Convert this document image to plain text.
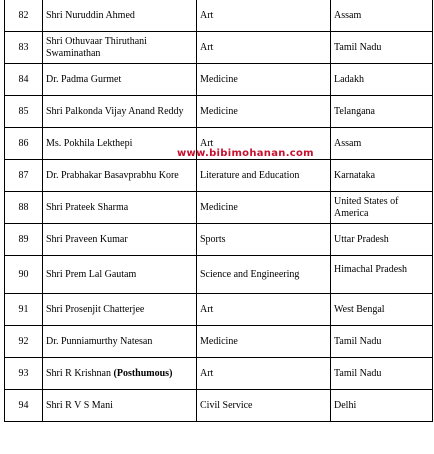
82	Shri Nuruddin Ahmed	Art	Assam
83	Shri Othuvaar Thiruthani Swaminathan	Art	Tamil Nadu
84	Dr. Padma Gurmet	Medicine	Ladakh
85	Shri Palkonda Vijay Anand Reddy	Medicine	Telangana
86	Ms. Pokhila Lekthepi	Art	Assam
87	Dr. Prabhakar Basavprabhu Kore	Literature and Education	Karnataka
88	Shri Prateek Sharma	Medicine	United States of America
89	Shri Praveen Kumar	Sports	Uttar Pradesh
90	Shri Prem Lal Gautam	Science and Engineering	Himachal Pradesh
91	Shri Prosenjit Chatterjee	Art	West Bengal
92	Dr. Punniamurthy Natesan	Medicine	Tamil Nadu
93	Shri R Krishnan (Posthumous)	Art	Tamil Nadu
94	Shri R V S Mani	Civil Service	Delhi
www.bibimohanan.com
